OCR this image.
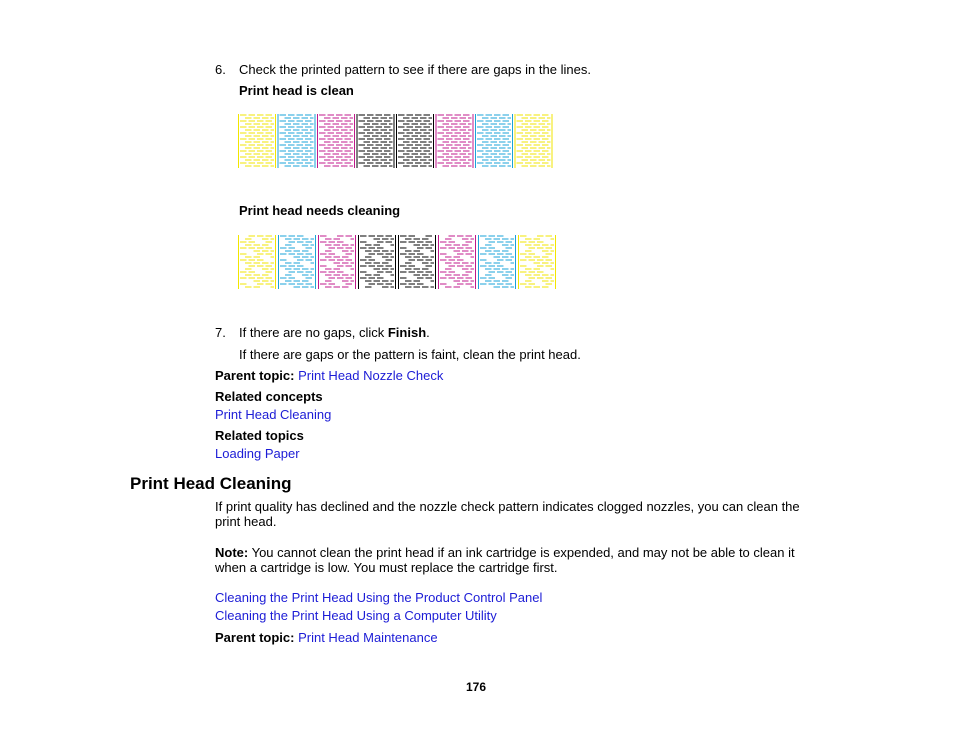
6. Check the printed pattern to see if there are gaps in the lines.
Print head is clean
Print head needs cleaning
7. If there are no gaps, click Finish.
If there are gaps or the pattern is faint, clean the print head.
Parent topic: Print Head Nozzle Check
Related concepts
Print Head Cleaning
Related topics
Loading Paper
Print Head Cleaning
If print quality has declined and the nozzle check pattern indicates clogged nozzles, you can clean the print head.
Note: You cannot clean the print head if an ink cartridge is expended, and may not be able to clean it when a cartridge is low. You must replace the cartridge first.
Cleaning the Print Head Using the Product Control Panel
Cleaning the Print Head Using a Computer Utility
Parent topic: Print Head Maintenance
176
